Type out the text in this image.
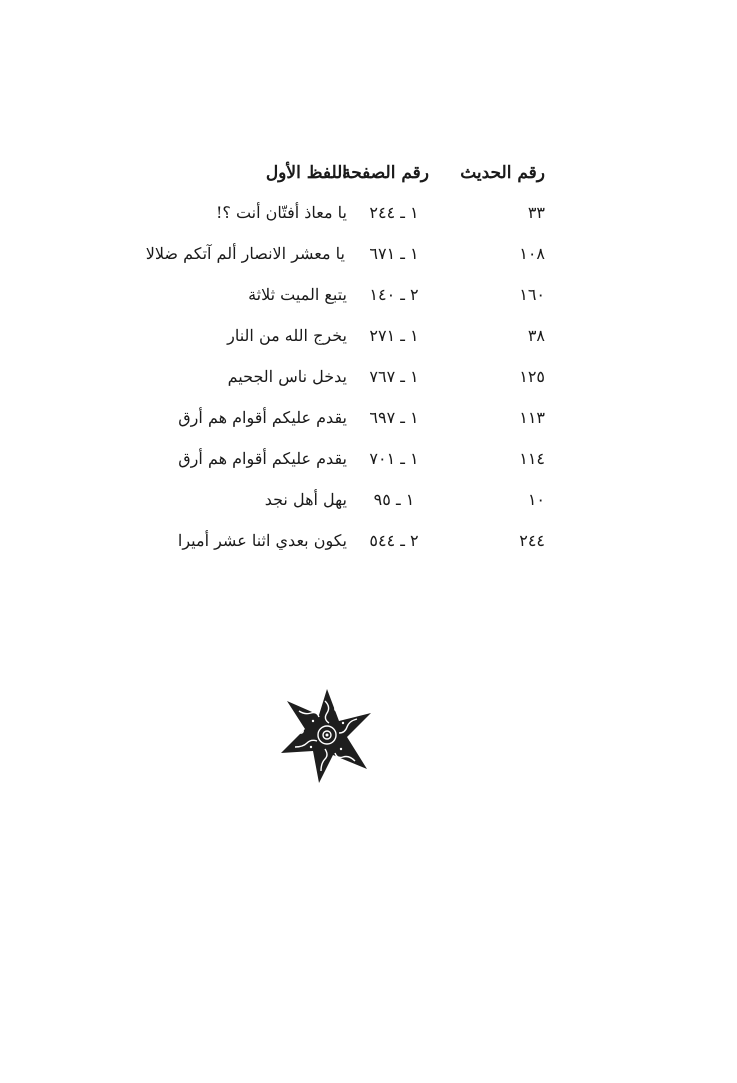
رقم الحديث
رقم الصفحة
اللفظ الأول
٣٣
١ ـ ٢٤٤
يا معاذ أفتّان أنت ؟!
١٠٨
١ ـ ٦٧١
يا معشر الانصار ألم آتكم ضلالا
١٦٠
٢ ـ ١٤٠
يتبع الميت ثلاثة
٣٨
١ ـ ٢٧١
يخرج الله من النار
١٢٥
١ ـ ٧٦٧
يدخل ناس الجحيم
١١٣
١ ـ ٦٩٧
يقدم عليكم أقوام هم أرق
١١٤
١ ـ ٧٠١
يقدم عليكم أقوام هم أرق
١٠
١ ـ ٩٥
يهل أهل نجد
٢٤٤
٢ ـ ٥٤٤
يكون بعدي اثنا عشر أميرا
